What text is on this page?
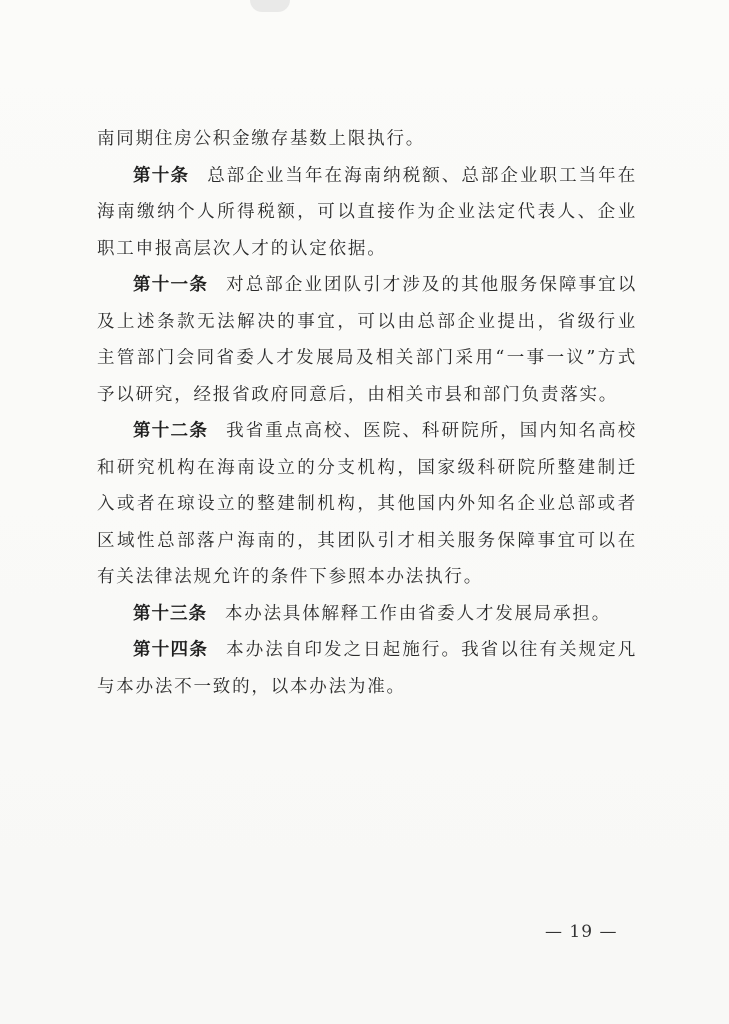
南同期住房公积金缴存基数上限执行。

第十条 总部企业当年在海南纳税额、总部企业职工当年在海南缴纳个人所得税额，可以直接作为企业法定代表人、企业职工申报高层次人才的认定依据。

第十一条 对总部企业团队引才涉及的其他服务保障事宜以及上述条款无法解决的事宜，可以由总部企业提出，省级行业主管部门会同省委人才发展局及相关部门采用“一事一议”方式予以研究，经报省政府同意后，由相关市县和部门负责落实。

第十二条 我省重点高校、医院、科研院所，国内知名高校和研究机构在海南设立的分支机构，国家级科研院所整建制迁入或者在琼设立的整建制机构，其他国内外知名企业总部或者区域性总部落户海南的，其团队引才相关服务保障事宜可以在有关法律法规允许的条件下参照本办法执行。

第十三条 本办法具体解释工作由省委人才发展局承担。

第十四条 本办法自印发之日起施行。我省以往有关规定凡与本办法不一致的，以本办法为准。

— 19 —
